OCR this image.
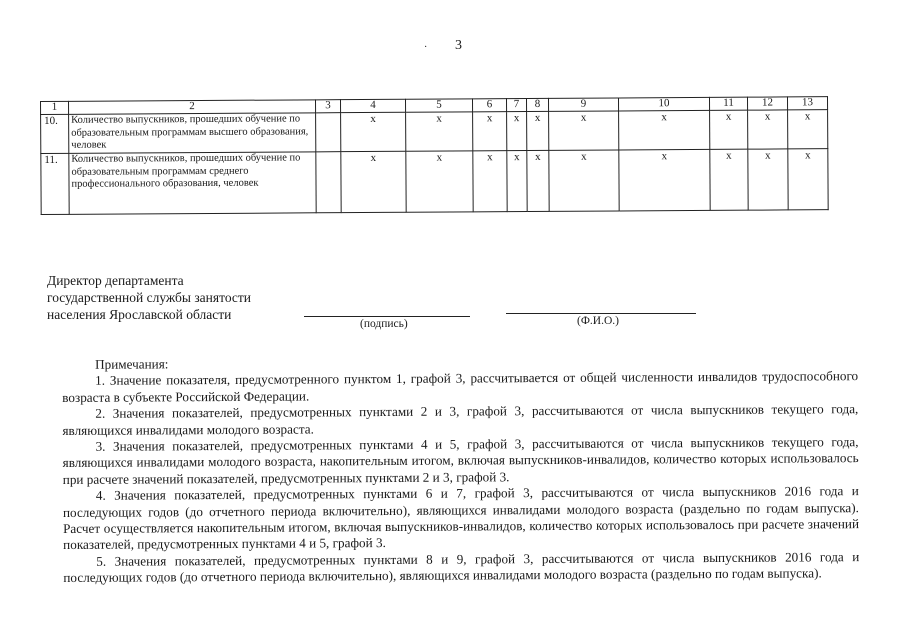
· 3
1	2	3	4	5	6	7	8	9	10	11	12	13
10.	Количество выпускников, прошедших обучение по образовательным программам высшего образования, человек		x	x	x	x	x	x	x	x	x	x
11.	Количество выпускников, прошедших обучение по образовательным программам среднего профессионального образования, человек		x	x	x	x	x	x	x	x	x	x
Директор департамента
государственной службы занятости
населения Ярославской области
(подпись)	(Ф.И.О.)
Примечания:

1. Значение показателя, предусмотренного пунктом 1, графой 3, рассчитывается от общей численности инвалидов трудоспособного возраста в субъекте Российской Федерации.

2. Значения показателей, предусмотренных пунктами 2 и 3, графой 3, рассчитываются от числа выпускников текущего года, являющихся инвалидами молодого возраста.

3. Значения показателей, предусмотренных пунктами 4 и 5, графой 3, рассчитываются от числа выпускников текущего года, являющихся инвалидами молодого возраста, накопительным итогом, включая выпускников-инвалидов, количество которых использовалось при расчете значений показателей, предусмотренных пунктами 2 и 3, графой 3.

4. Значения показателей, предусмотренных пунктами 6 и 7, графой 3, рассчитываются от числа выпускников 2016 года и последующих годов (до отчетного периода включительно), являющихся инвалидами молодого возраста (раздельно по годам выпуска). Расчет осуществляется накопительным итогом, включая выпускников-инвалидов, количество которых использовалось при расчете значений показателей, предусмотренных пунктами 4 и 5, графой 3.

5. Значения показателей, предусмотренных пунктами 8 и 9, графой 3, рассчитываются от числа выпускников 2016 года и последующих годов (до отчетного периода включительно), являющихся инвалидами молодого возраста (раздельно по годам выпуска).
